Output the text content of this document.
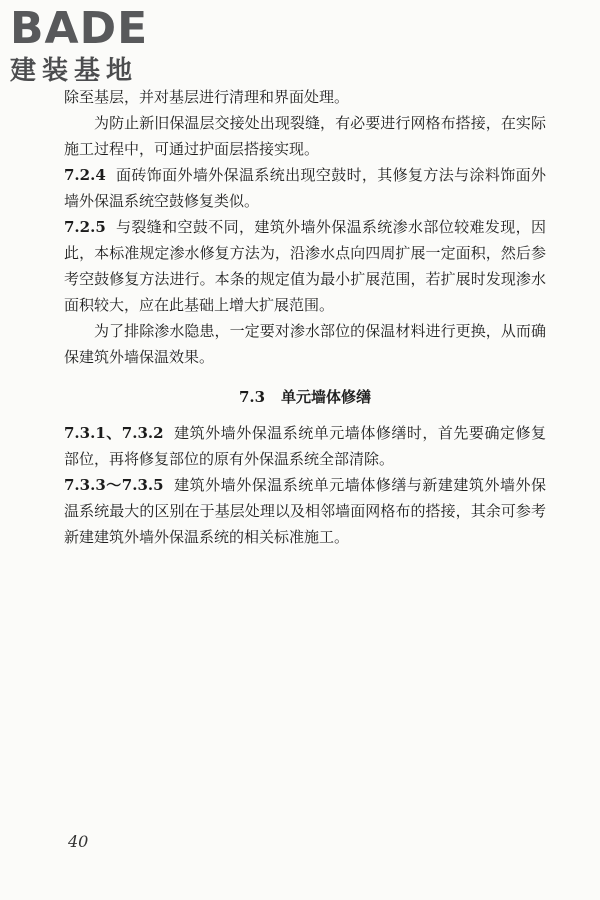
BADE
建装基地

除至基层，并对基层进行清理和界面处理。

为防止新旧保温层交接处出现裂缝，有必要进行网格布搭接，在实际施工过程中，可通过护面层搭接实现。

7.2.4 面砖饰面外墙外保温系统出现空鼓时，其修复方法与涂料饰面外墙外保温系统空鼓修复类似。

7.2.5 与裂缝和空鼓不同，建筑外墙外保温系统渗水部位较难发现，因此，本标准规定渗水修复方法为，沿渗水点向四周扩展一定面积，然后参考空鼓修复方法进行。本条的规定值为最小扩展范围，若扩展时发现渗水面积较大，应在此基础上增大扩展范围。

为了排除渗水隐患，一定要对渗水部位的保温材料进行更换，从而确保建筑外墙保温效果。

7.3 单元墙体修缮

7.3.1、7.3.2 建筑外墙外保温系统单元墙体修缮时，首先要确定修复部位，再将修复部位的原有外保温系统全部清除。

7.3.3～7.3.5 建筑外墙外保温系统单元墙体修缮与新建建筑外墙外保温系统最大的区别在于基层处理以及相邻墙面网格布的搭接，其余可参考新建建筑外墙外保温系统的相关标准施工。

40
